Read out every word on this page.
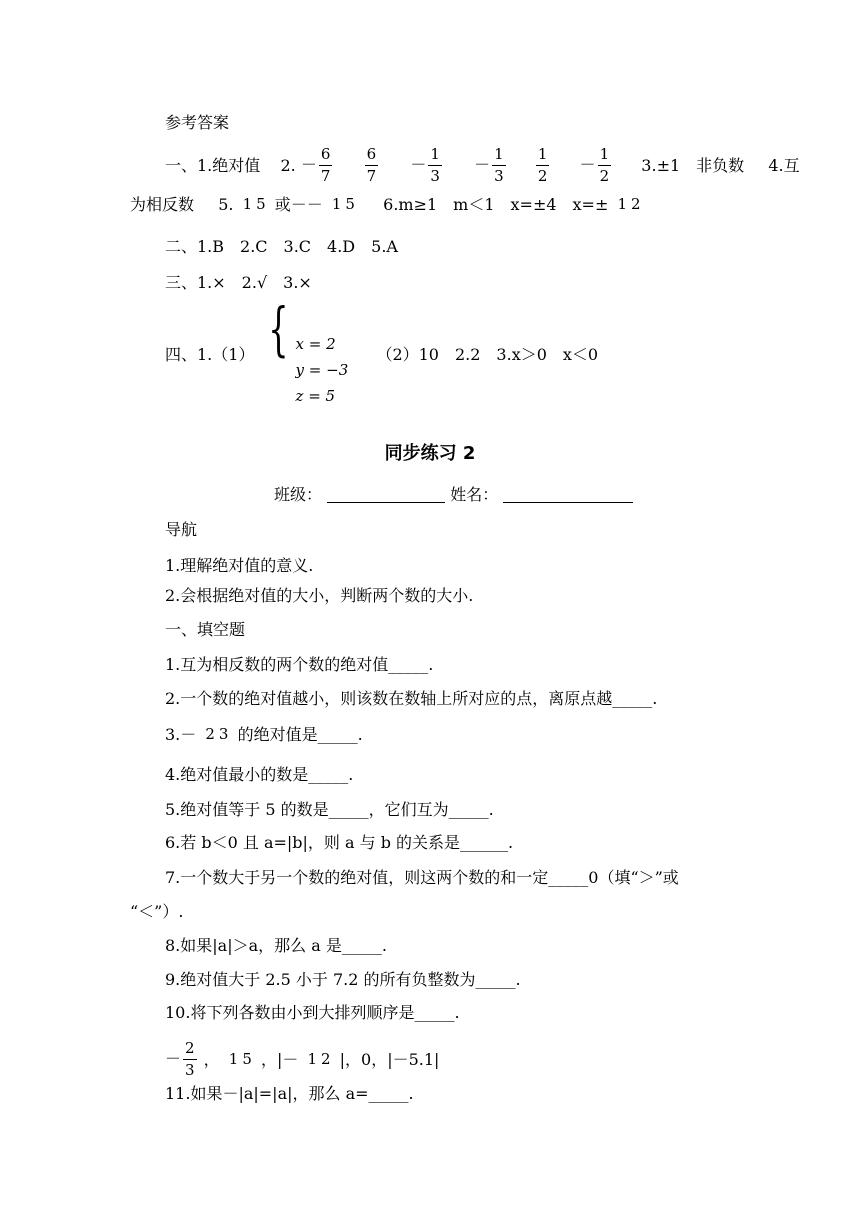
参考答案
一、1.绝对值 2. － $\frac{6}{7}$
$\frac{6}{7} - \frac{1}{3} - \frac{1}{3}$
$\frac{1}{2} - \frac{1}{2} 3.\pm 1$　非负数 4.互
为相反数 5. 1 5 或－－ 1 5 6.m≥1　m＜1　x=±4　x=± 1 2
二、1.B　2.C　3.C　4.D　5.A
三、1.×　2.√　3.×
四、1.（1） { x = 2
y = −3
z = 5
（2）10　2.2　3.x＞0　x＜0
同步练习 2
班级：	姓名：
导航
1.理解绝对值的意义.
2.会根据绝对值的大小，判断两个数的大小.
一、填空题
1.互为相反数的两个数的绝对值_____.
2.一个数的绝对值越小，则该数在数轴上所对应的点，离原点越_____.
3.－ 2 3 的绝对值是_____.
4.绝对值最小的数是_____.
5.绝对值等于 5 的数是_____，它们互为_____.
6.若 b＜0 且 a=|b|，则 a 与 b 的关系是______.
7.一个数大于另一个数的绝对值，则这两个数的和一定_____0（填“＞”或
“＜”）.
8.如果|a|＞a，那么 a 是_____.
9.绝对值大于 2.5 小于 7.2 的所有负整数为_____.
10.将下列各数由小到大排列顺序是_____.
－ $\frac{2}{3}$ ， 1 5 ，|－ 1 2 |，0，|－5.1|
11.如果－|a|=|a|，那么 a=_____.
